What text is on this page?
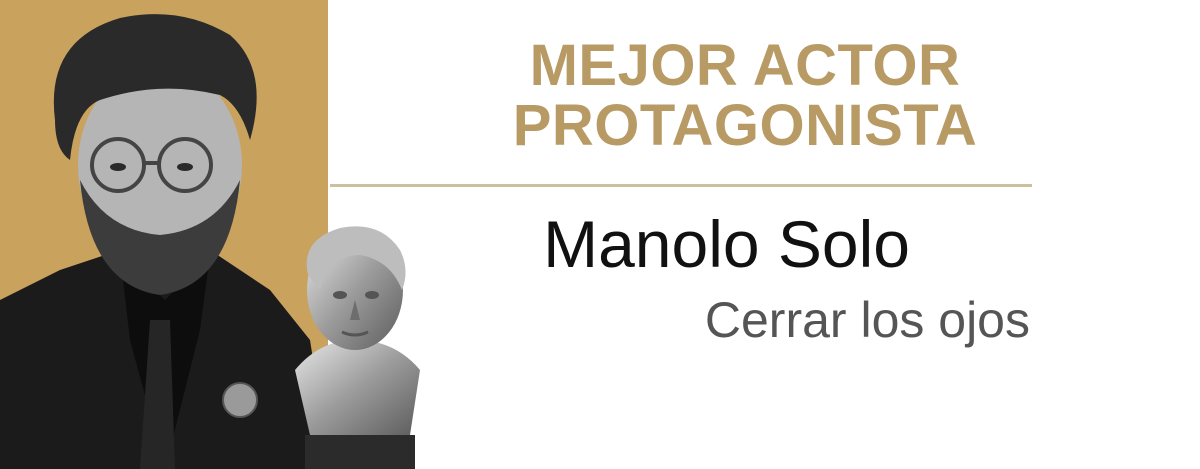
MEJOR ACTOR
PROTAGONISTA
Manolo Solo
Cerrar los ojos
